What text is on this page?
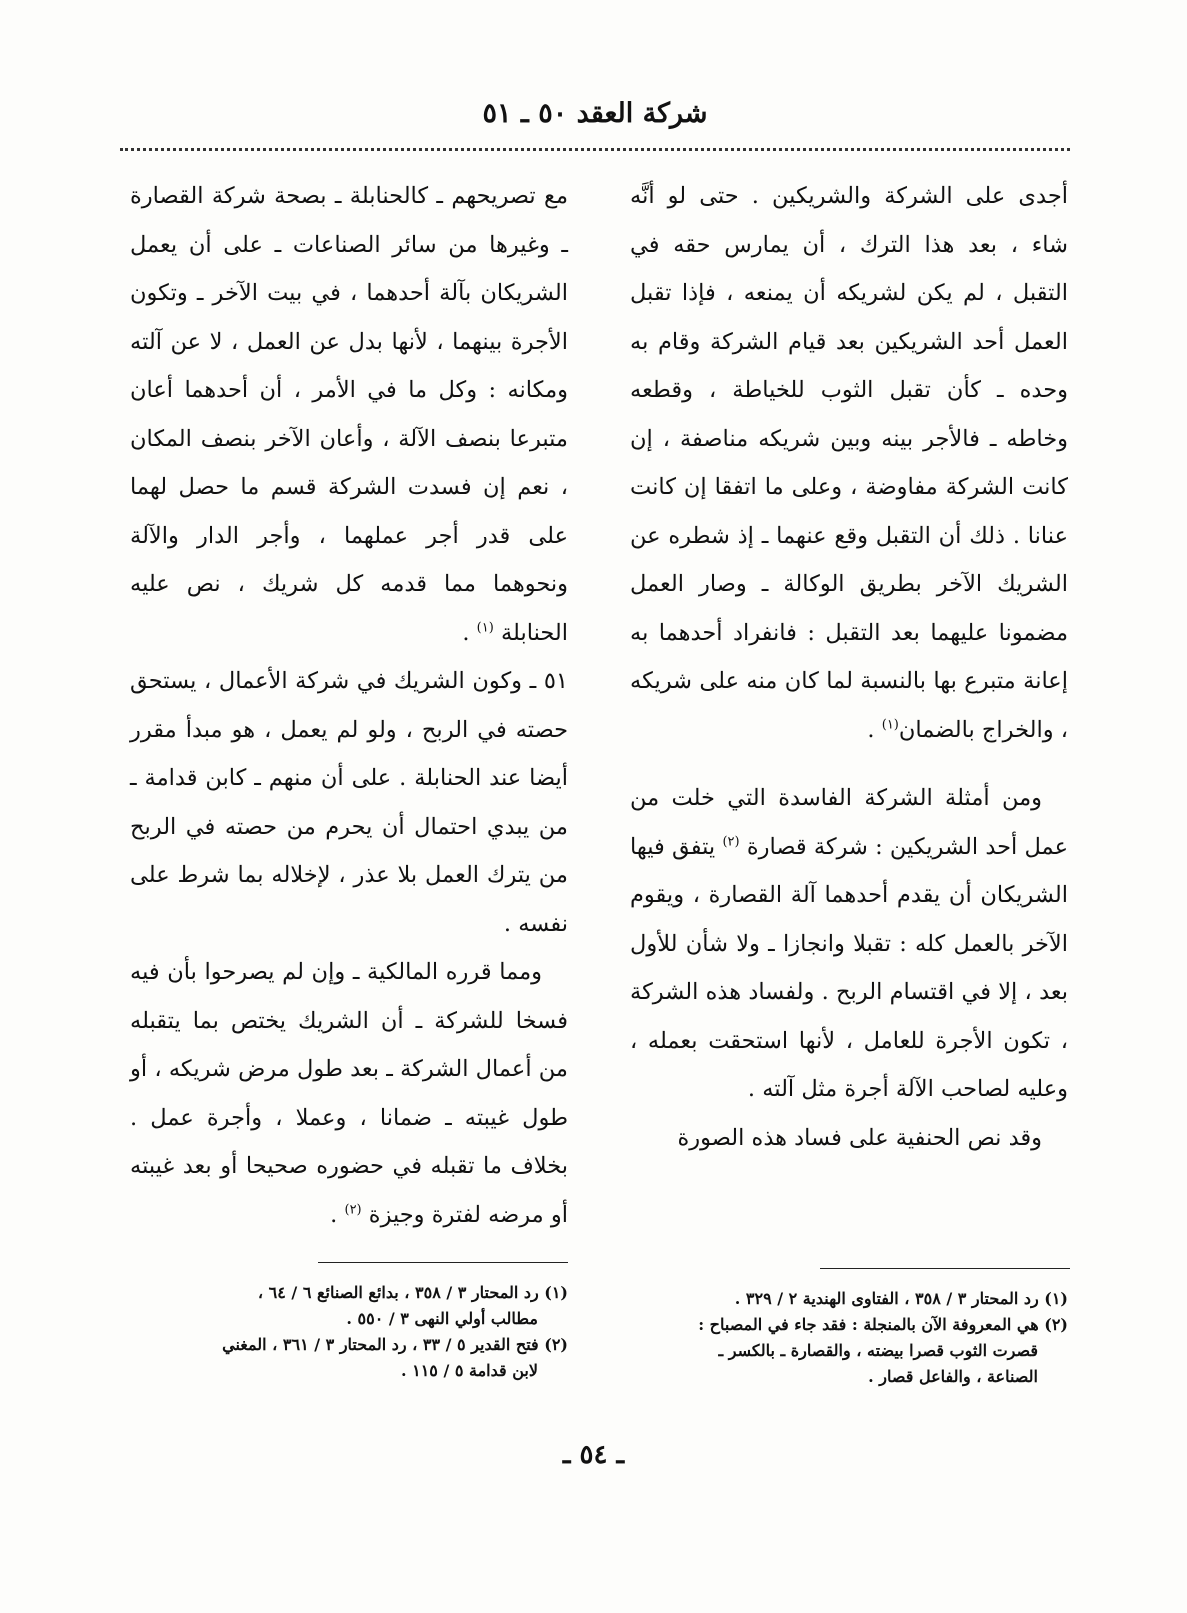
شركة العقد ٥٠ ـ ٥١

أجدى على الشركة والشريكين . حتى لو أنَّه شاء ، بعد هذا الترك ، أن يمارس حقه في التقبل ، لم يكن لشريكه أن يمنعه ، فإذا تقبل العمل أحد الشريكين بعد قيام الشركة وقام به وحده ـ كأن تقبل الثوب للخياطة ، وقطعه وخاطه ـ فالأجر بينه وبين شريكه مناصفة ، إن كانت الشركة مفاوضة ، وعلى ما اتفقا إن كانت عنانا . ذلك أن التقبل وقع عنهما ـ إذ شطره عن الشريك الآخر بطريق الوكالة ـ وصار العمل مضمونا عليهما بعد التقبل : فانفراد أحدهما به إعانة متبرع بها بالنسبة لما كان منه على شريكه ، والخراج بالضمان$^{(١)}$ .

ومن أمثلة الشركة الفاسدة التي خلت من عمل أحد الشريكين : شركة قصارة $^{(٢)}$ يتفق فيها الشريكان أن يقدم أحدهما آلة القصارة ، ويقوم الآخر بالعمل كله : تقبلا وانجازا ـ ولا شأن للأول بعد ، إلا في اقتسام الربح . ولفساد هذه الشركة ، تكون الأجرة للعامل ، لأنها استحقت بعمله ، وعليه لصاحب الآلة أجرة مثل آلته .

وقد نص الحنفية على فساد هذه الصورة

مع تصريحهم ـ كالحنابلة ـ بصحة شركة القصارة ـ وغيرها من سائر الصناعات ـ على أن يعمل الشريكان بآلة أحدهما ، في بيت الآخر ـ وتكون الأجرة بينهما ، لأنها بدل عن العمل ، لا عن آلته ومكانه : وكل ما في الأمر ، أن أحدهما أعان متبرعا بنصف الآلة ، وأعان الآخر بنصف المكان ، نعم إن فسدت الشركة قسم ما حصل لهما على قدر أجر عملهما ، وأجر الدار والآلة ونحوهما مما قدمه كل شريك ، نص عليه الحنابلة $^{(١)}$ .

٥١ ـ وكون الشريك في شركة الأعمال ، يستحق حصته في الربح ، ولو لم يعمل ، هو مبدأ مقرر أيضا عند الحنابلة . على أن منهم ـ كابن قدامة ـ من يبدي احتمال أن يحرم من حصته في الربح من يترك العمل بلا عذر ، لإخلاله بما شرط على نفسه .

ومما قرره المالكية ـ وإن لم يصرحوا بأن فيه فسخا للشركة ـ أن الشريك يختص بما يتقبله من أعمال الشركة ـ بعد طول مرض شريكه ، أو طول غيبته ـ ضمانا ، وعملا ، وأجرة عمل . بخلاف ما تقبله في حضوره صحيحا أو بعد غيبته أو مرضه لفترة وجيزة $^{(٢)}$ .

(١) رد المحتار ٣ / ٣٥٨ ، الفتاوى الهندية ٢ / ٣٢٩ .
(٢) هي المعروفة الآن بالمنجلة : فقد جاء في المصباح :
قصرت الثوب قصرا بيضته ، والقصارة ـ بالكسر ـ
الصناعة ، والفاعل قصار .
(١) رد المحتار ٣ / ٣٥٨ ، بدائع الصنائع ٦ / ٦٤ ،
مطالب أولي النهى ٣ / ٥٥٠ .
(٢) فتح القدير ٥ / ٣٣ ، رد المحتار ٣ / ٣٦١ ، المغني
لابن قدامة ٥ / ١١٥ .
ـ ٥٤ ـ
